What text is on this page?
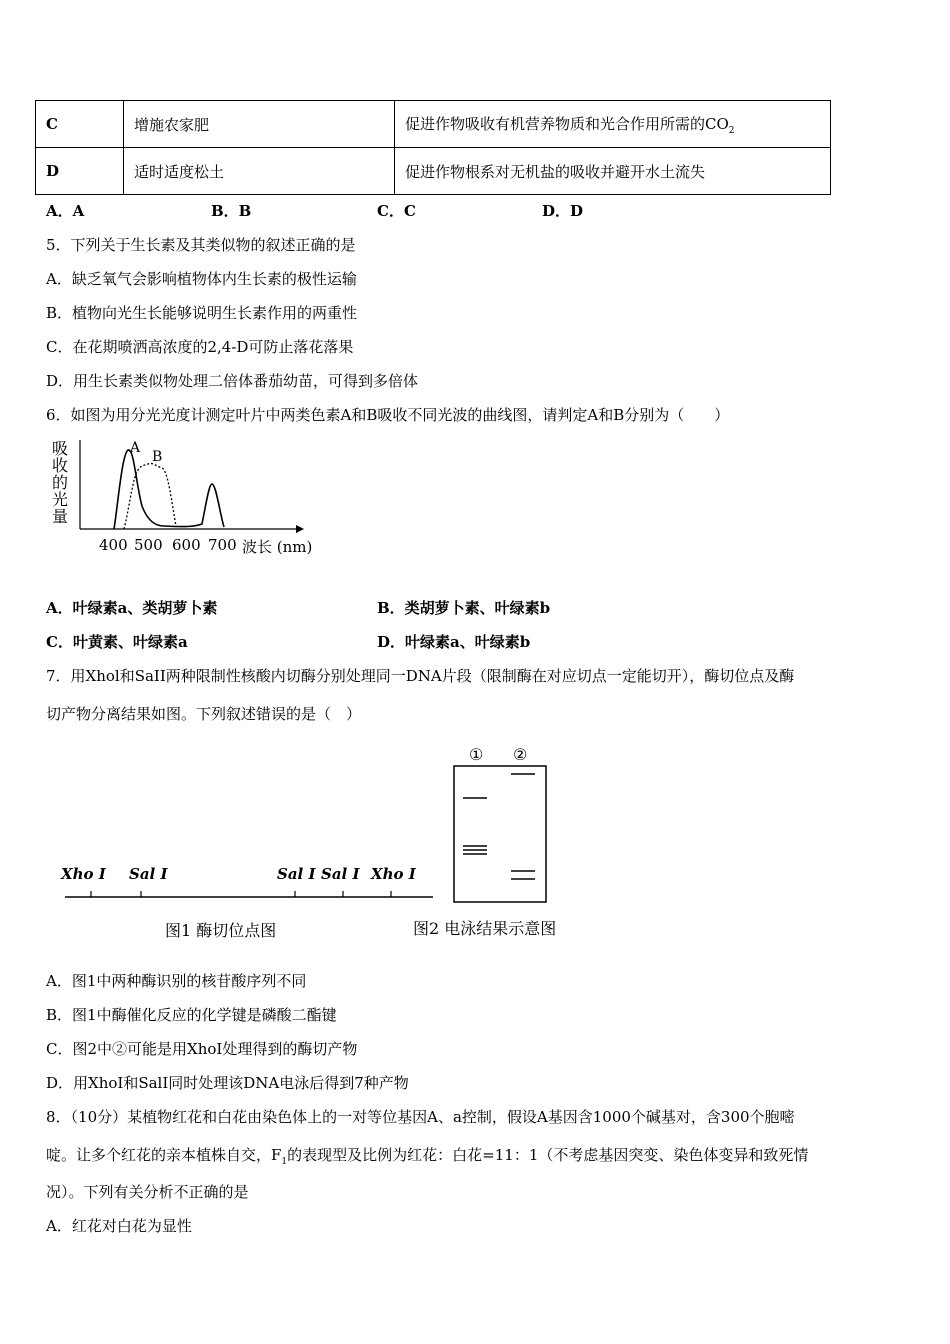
C	增施农家肥	促进作物吸收有机营养物质和光合作用所需的$CO_2$
D	适时适度松土	促进作物根系对无机盐的吸收并避开水土流失
A．A	B．B	C．C	D．D
5．下列关于生长素及其类似物的叙述正确的是
A．缺乏氧气会影响植物体内生长素的极性运输
B．植物向光生长能够说明生长素作用的两重性
C．在花期喷洒高浓度的2,4-D可防止落花落果
D．用生长素类似物处理二倍体番茄幼苗，可得到多倍体
6．如图为用分光光度计测定叶片中两类色素A和B吸收不同光波的曲线图，请判定A和B分别为（　　）
吸
收
的
光
量
A
B
400 500 600 700 波长 (nm)
A．叶绿素a、类胡萝卜素	B．类胡萝卜素、叶绿素b
C．叶黄素、叶绿素a	D．叶绿素a、叶绿素b
7．用Xhol和SaII两种限制性核酸内切酶分别处理同一DNA片段（限制酶在对应切点一定能切开），酶切位点及酶
切产物分离结果如图。下列叙述错误的是（　）
Xho I Sal I	Sal I Sal I Xho I
图1 酶切位点图
① ②
图2 电泳结果示意图
A．图1中两种酶识别的核苷酸序列不同
B．图1中酶催化反应的化学键是磷酸二酯键
C．图2中②可能是用XhoI处理得到的酶切产物
D．用XhoI和SalI同时处理该DNA电泳后得到7种产物
8．（10分）某植物红花和白花由染色体上的一对等位基因A、a控制，假设A基因含1000个碱基对，含300个胞嘧
啶。让多个红花的亲本植株自交，$F_1$的表现型及比例为红花：白花=11：1（不考虑基因突变、染色体变异和致死情
况）。下列有关分析不正确的是
A．红花对白花为显性
